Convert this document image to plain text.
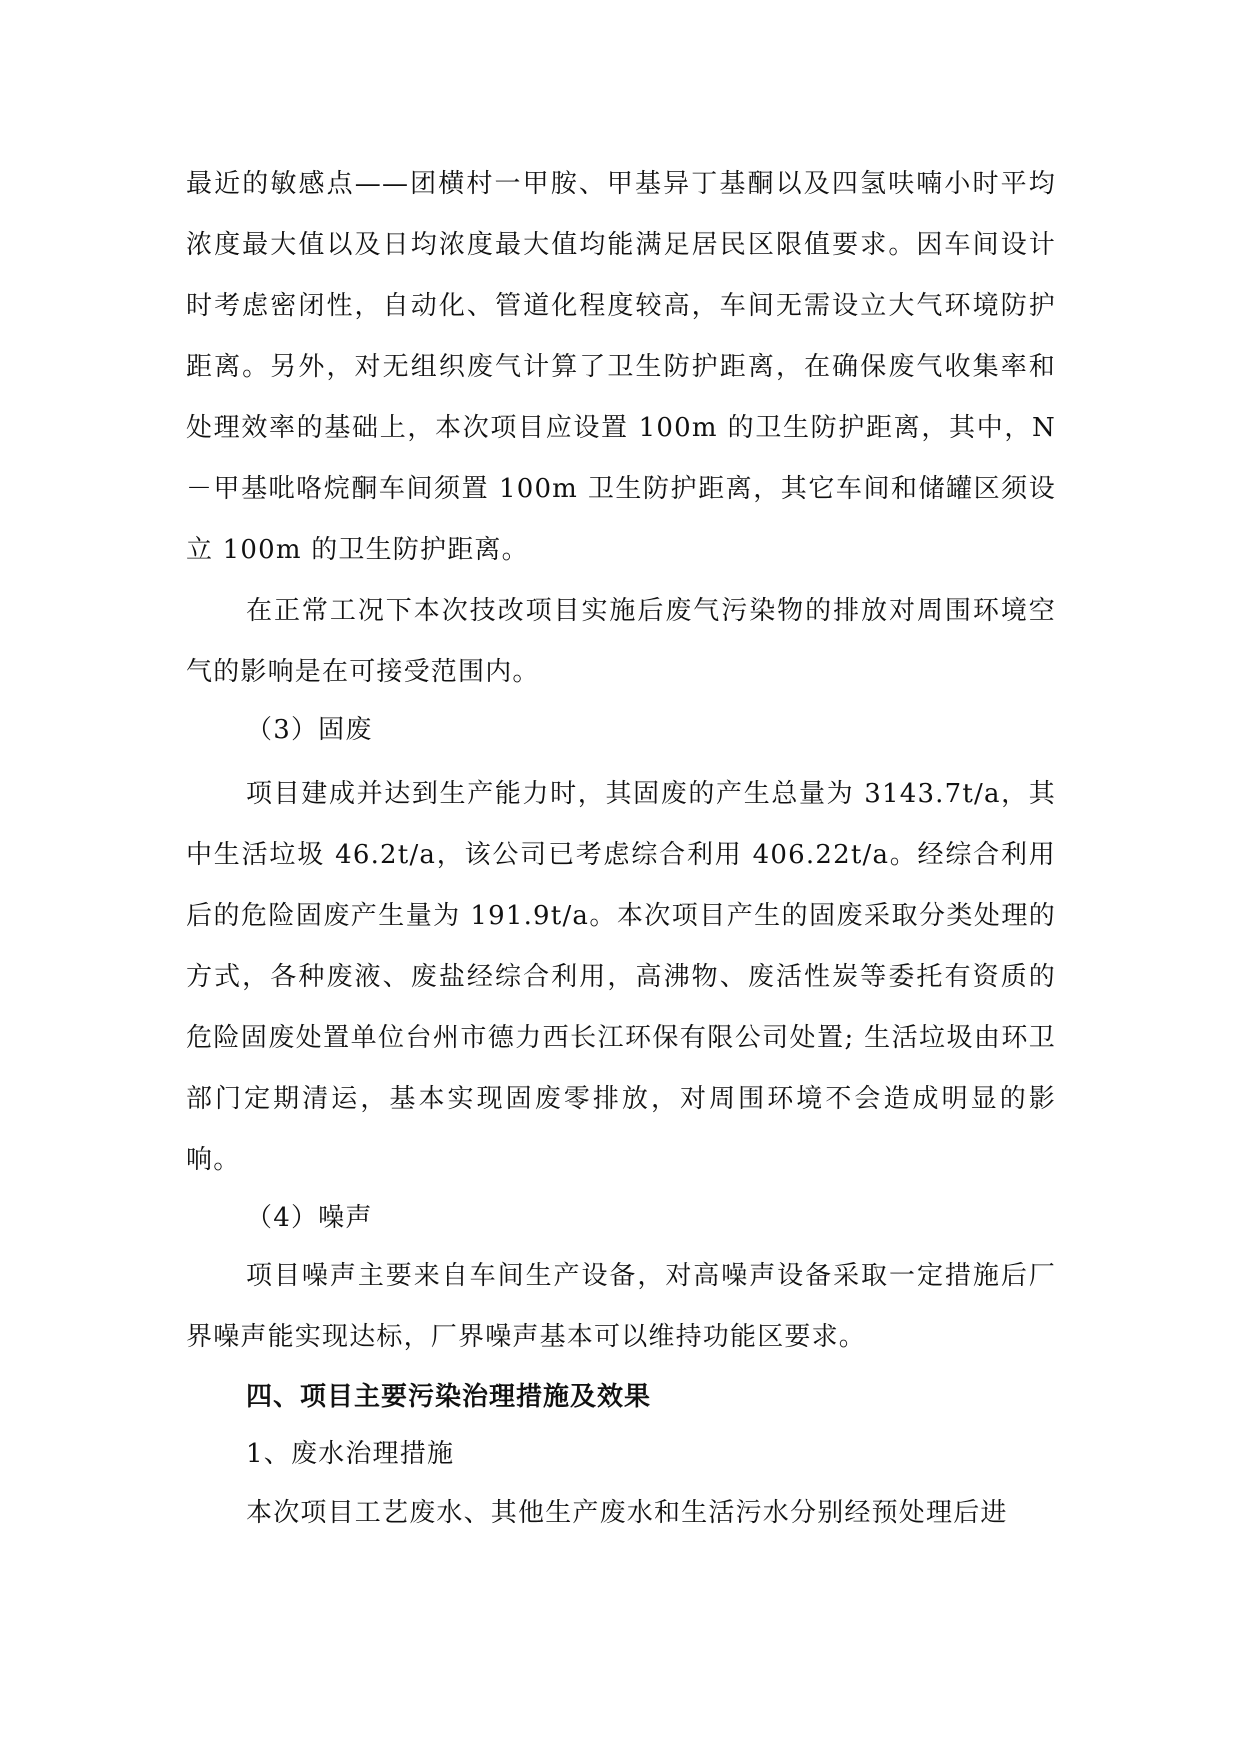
最近的敏感点——团横村一甲胺、甲基异丁基酮以及四氢呋喃小时平均浓度最大值以及日均浓度最大值均能满足居民区限值要求。因车间设计时考虑密闭性，自动化、管道化程度较高，车间无需设立大气环境防护距离。另外，对无组织废气计算了卫生防护距离，在确保废气收集率和处理效率的基础上，本次项目应设置 100m 的卫生防护距离，其中，N－甲基吡咯烷酮车间须置 100m 卫生防护距离，其它车间和储罐区须设立 100m 的卫生防护距离。

在正常工况下本次技改项目实施后废气污染物的排放对周围环境空气的影响是在可接受范围内。

（3）固废

项目建成并达到生产能力时，其固废的产生总量为 3143.7t/a，其中生活垃圾 46.2t/a，该公司已考虑综合利用 406.22t/a。经综合利用后的危险固废产生量为 191.9t/a。本次项目产生的固废采取分类处理的方式，各种废液、废盐经综合利用，高沸物、废活性炭等委托有资质的危险固废处置单位台州市德力西长江环保有限公司处置; 生活垃圾由环卫部门定期清运，基本实现固废零排放，对周围环境不会造成明显的影响。

（4）噪声

项目噪声主要来自车间生产设备，对高噪声设备采取一定措施后厂界噪声能实现达标，厂界噪声基本可以维持功能区要求。

四、项目主要污染治理措施及效果

1、废水治理措施

本次项目工艺废水、其他生产废水和生活污水分别经预处理后进
